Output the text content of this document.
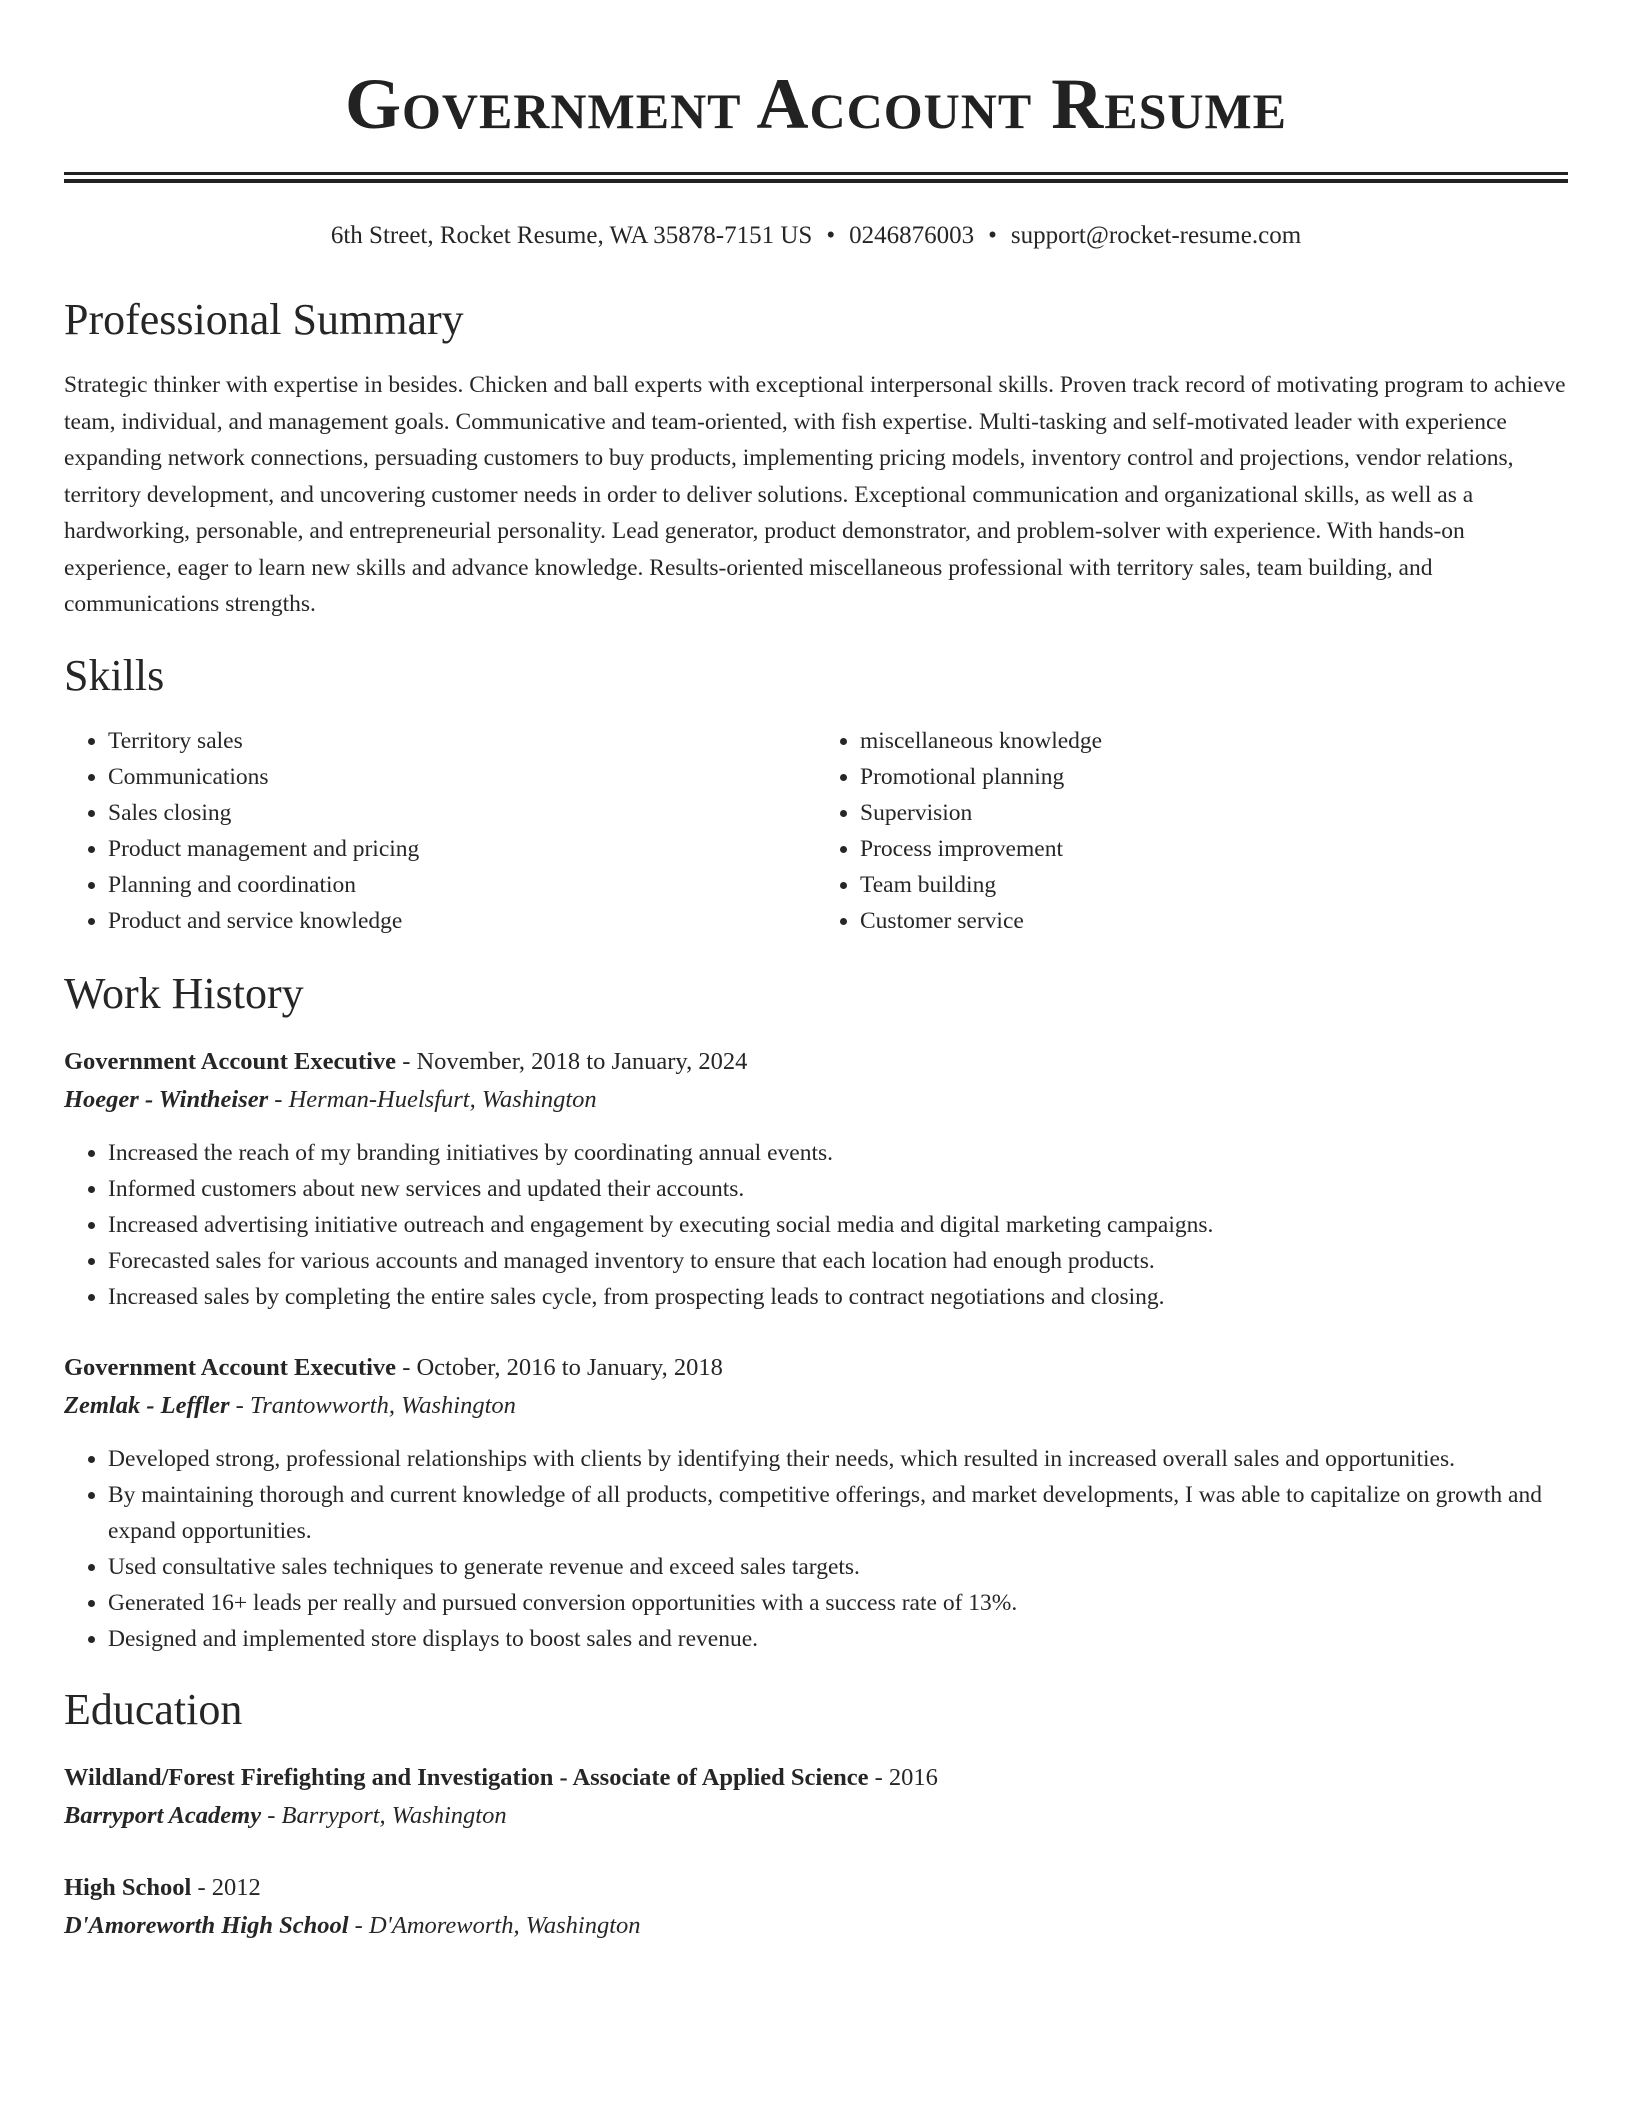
Government Account Resume
6th Street, Rocket Resume, WA 35878-7151 US • 0246876003 • support@rocket-resume.com
Professional Summary

Strategic thinker with expertise in besides. Chicken and ball experts with exceptional interpersonal skills. Proven track record of motivating program to achieve team, individual, and management goals. Communicative and team-oriented, with fish expertise. Multi-tasking and self-motivated leader with experience expanding network connections, persuading customers to buy products, implementing pricing models, inventory control and projections, vendor relations, territory development, and uncovering customer needs in order to deliver solutions. Exceptional communication and organizational skills, as well as a hardworking, personable, and entrepreneurial personality. Lead generator, product demonstrator, and problem-solver with experience. With hands-on experience, eager to learn new skills and advance knowledge. Results-oriented miscellaneous professional with territory sales, team building, and communications strengths.

Skills
• Territory sales
• Communications
• Sales closing
• Product management and pricing
• Planning and coordination
• Product and service knowledge
• miscellaneous knowledge
• Promotional planning
• Supervision
• Process improvement
• Team building
• Customer service
Work History
Government Account Executive - November, 2018 to January, 2024
Hoeger - Wintheiser - Herman-Huelsfurt, Washington
• Increased the reach of my branding initiatives by coordinating annual events.
• Informed customers about new services and updated their accounts.
• Increased advertising initiative outreach and engagement by executing social media and digital marketing campaigns.
• Forecasted sales for various accounts and managed inventory to ensure that each location had enough products.
• Increased sales by completing the entire sales cycle, from prospecting leads to contract negotiations and closing.
Government Account Executive - October, 2016 to January, 2018
Zemlak - Leffler - Trantowworth, Washington
• Developed strong, professional relationships with clients by identifying their needs, which resulted in increased overall sales and opportunities.
• By maintaining thorough and current knowledge of all products, competitive offerings, and market developments, I was able to capitalize on growth and expand opportunities.
• Used consultative sales techniques to generate revenue and exceed sales targets.
• Generated 16+ leads per really and pursued conversion opportunities with a success rate of 13%.
• Designed and implemented store displays to boost sales and revenue.
Education
Wildland/Forest Firefighting and Investigation - Associate of Applied Science - 2016
Barryport Academy - Barryport, Washington
High School - 2012
D'Amoreworth High School - D'Amoreworth, Washington
